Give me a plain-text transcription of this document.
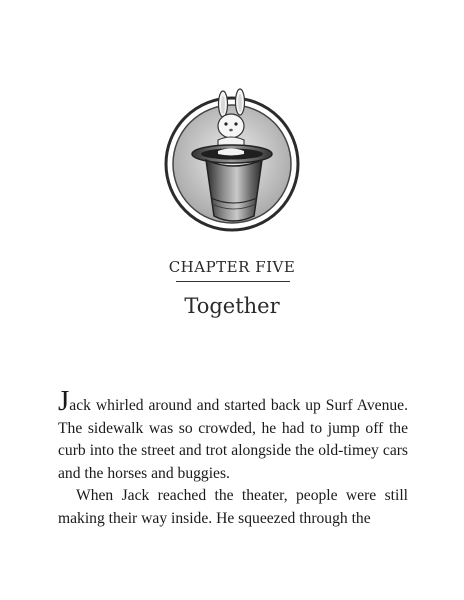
CHAPTER FIVE
Together

Jack whirled around and started back up Surf Avenue. The sidewalk was so crowded, he had to jump off the curb into the street and trot alongside the old-timey cars and the horses and buggies.

When Jack reached the theater, people were still making their way inside. He squeezed through the
